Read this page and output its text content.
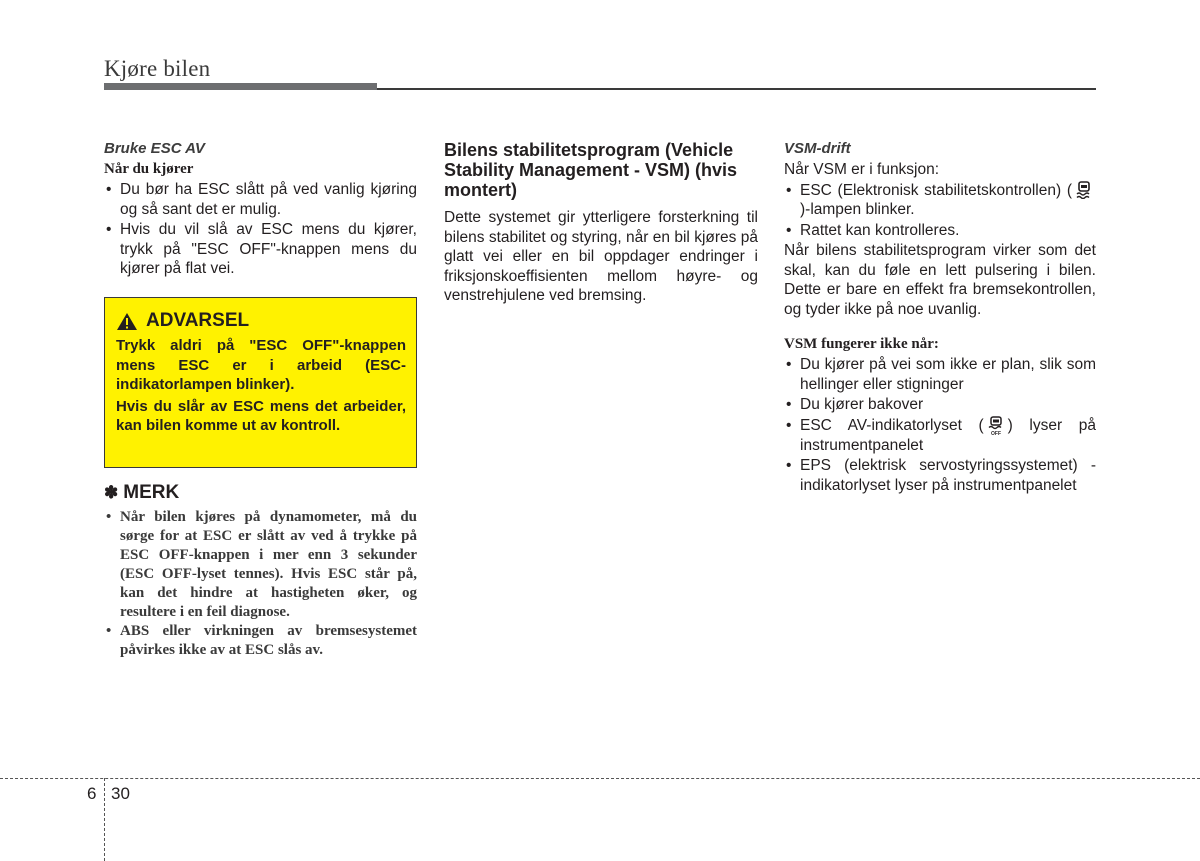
Kjøre bilen

Bruke ESC AV

Når du kjører

• Du bør ha ESC slått på ved vanlig kjøring og så sant det er mulig.
• Hvis du vil slå av ESC mens du kjører, trykk på "ESC OFF"-knappen mens du kjører på flat vei.
ADVARSEL

Trykk aldri på "ESC OFF"-knappen mens ESC er i arbeid (ESC-indikatorlampen blinker).

Hvis du slår av ESC mens det arbeider, kan bilen komme ut av kontroll.

✽ MERK
• Når bilen kjøres på dynamometer, må du sørge for at ESC er slått av ved å trykke på ESC OFF-knappen i mer enn 3 sekunder (ESC OFF-lyset tennes). Hvis ESC står på, kan det hindre at hastigheten øker, og resultere i en feil diagnose.
• ABS eller virkningen av bremsesystemet påvirkes ikke av at ESC slås av.

Bilens stabilitetsprogram (Vehicle Stability Management - VSM) (hvis montert)

Dette systemet gir ytterligere forsterkning til bilens stabilitet og styring, når en bil kjøres på glatt vei eller en bil oppdager endringer i friksjonskoeffisienten mellom høyre- og venstrehjulene ved bremsing.

VSM-drift

Når VSM er i funksjon:

• ESC (Elektronisk stabilitetskontrollen) ()-lampen blinker.
• Rattet kan kontrolleres.

Når bilens stabilitetsprogram virker som det skal, kan du føle en lett pulsering i bilen. Dette er bare en effekt fra bremsekontrollen, og tyder ikke på noe uvanlig.

VSM fungerer ikke når:

• Du kjører på vei som ikke er plan, slik som hellinger eller stigninger
• Du kjører bakover
• ESC AV-indikatorlyset ( OFF ) lyser på instrumentpanelet
• EPS (elektrisk servostyringssystemet) - indikatorlyset lyser på instrumentpanelet
6 30
